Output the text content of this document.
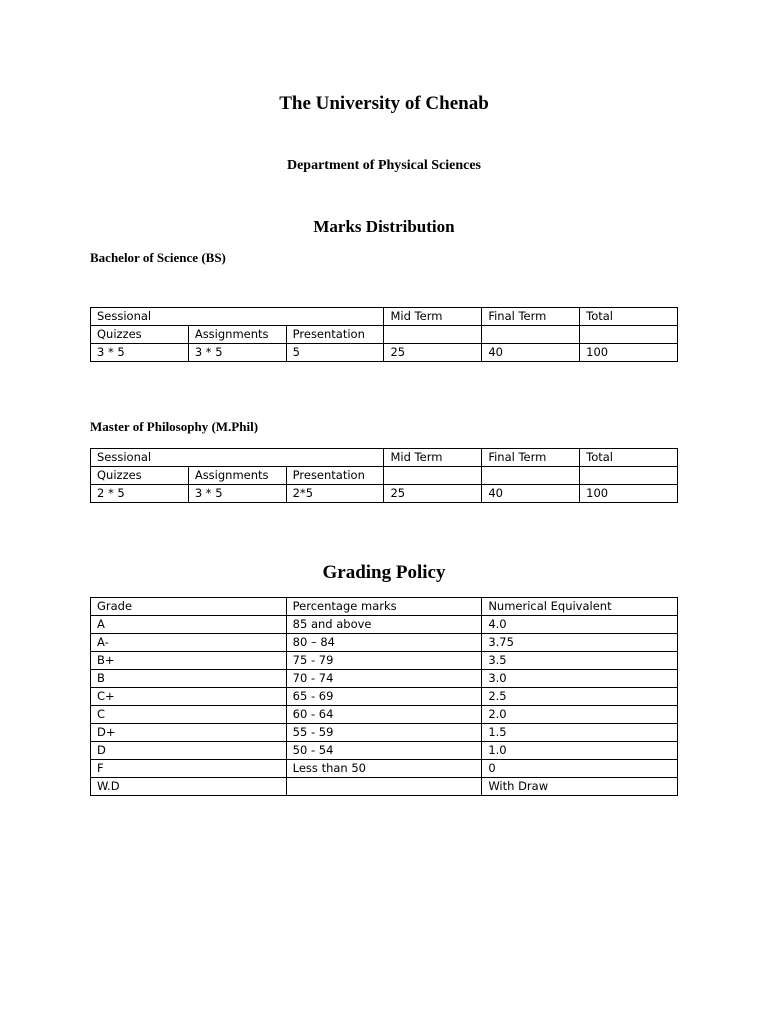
The University of Chenab
Department of Physical Sciences
Marks Distribution

Bachelor of Science (BS)

Sessional			Mid Term	Final Term	Total
Quizzes	Assignments	Presentation			
3 * 5	3 * 5	5	25	40	100

Master of Philosophy (M.Phil)

Sessional			Mid Term	Final Term	Total
Quizzes	Assignments	Presentation			
2 * 5	3 * 5	2*5	25	40	100
Grading Policy
Grade	Percentage marks	Numerical Equivalent
A	85 and above	4.0
A-	80 – 84	3.75
B+	75 - 79	3.5
B	70 - 74	3.0
C+	65 - 69	2.5
C	60 - 64	2.0
D+	55 - 59	1.5
D	50 - 54	1.0
F	Less than 50	0
W.D		With Draw
